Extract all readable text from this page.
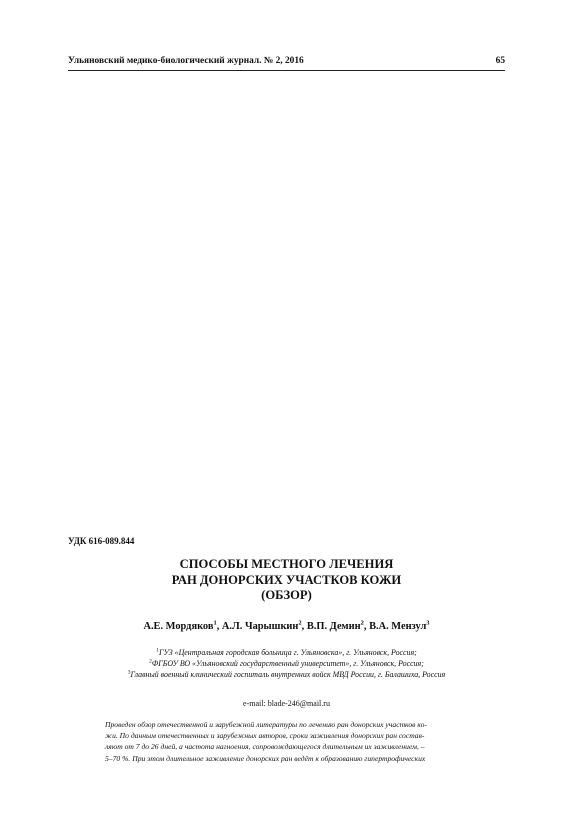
Ульяновский медико-биологический журнал. № 2, 2016	65
УДК 616-089.844
СПОСОБЫ МЕСТНОГО ЛЕЧЕНИЯ
РАН ДОНОРСКИХ УЧАСТКОВ КОЖИ
(ОБЗОР)
А.Е. Мордяков$^1$, А.Л. Чарышкин$^2$, В.П. Демин$^2$, В.А. Мензул$^3$
$^1$ГУЗ «Центральная городская больница г. Ульяновска», г. Ульяновск, Россия;
$^2$ФГБОУ ВО «Ульяновский государственный университет», г. Ульяновск, Россия;
$^3$Главный военный клинический госпиталь внутренних войск МВД России, г. Балашиха, Россия
e-mail: blade-246@mail.ru
Проведен обзор отечественной и зарубежной литературы по лечению ран донорских участков ко-
жи. По данным отечественных и зарубежных авторов, сроки заживления донорских ран состав-
ляют от 7 до 26 дней, а частота нагноения, сопровождающегося длительным их заживлением, –
5–70 %. При этом длительное заживление донорских ран ведёт к образованию гипертрофических
